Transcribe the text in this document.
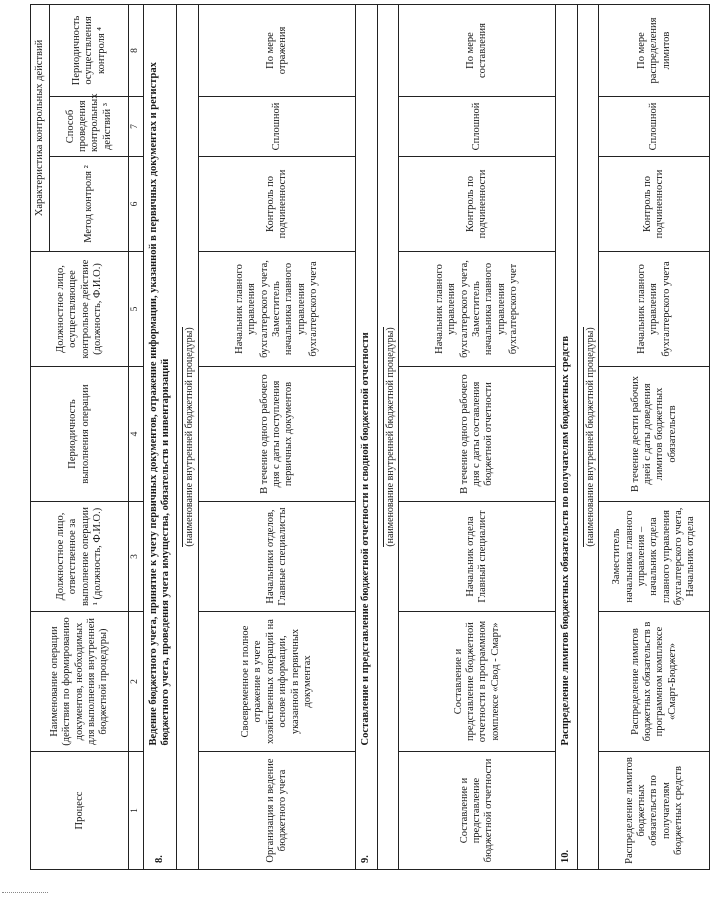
Процесс	Наименование операции (действия по формированию документов, необходимых для выполнения внутренней бюджетной процедуры)	Должностное лицо, ответственное за выполнение операции ¹ (должность, Ф.И.О.)	Периодичность выполнения операции	Должностное лицо, осуществляющее контрольное действие (должность, Ф.И.О.)	Характеристика контрольных действий		
					Метод контроля ²	Способ проведения контрольных действий ³	Периодичность осуществления контроля ⁴
1	2	3	4	5	6	7	8
8.	Ведение бюджетного учета, принятие к учету первичных документов, отражение информации, указанной в первичных документах и регистрах бюджетного учета, проведения учета имущества, обязательств и инвентаризаций						
(наименование внутренней бюджетной процедуры)							
Организация и ведение бюджетного учета	Своевременное и полное отражение в учете хозяйственных операций на основе информации, указанной в первичных документах	Начальники отделов, Главные специалисты	В течение одного рабочего дня с даты поступления первичных документов	Начальник главного управления бухгалтерского учета, Заместитель начальника главного управления бухгалтерского учета	Контроль по подчиненности	Сплошной	По мере отражения
9.	Составление и представление бюджетной отчетности и сводной бюджетной отчетности						
(наименование внутренней бюджетной процедуры)							
Составление и представление бюджетной отчетности	Составление и представление бюджетной отчетности в программном комплексе «Свод - Смарт»	Начальник отдела Главный специалист	В течение одного рабочего дня с даты составления бюджетной отчетности	Начальник главного управления бухгалтерского учета, Заместитель начальника главного управления бухгалтерского учет	Контроль по подчиненности	Сплошной	По мере составления
10.	Распределение лимитов бюджетных обязательств по получателям бюджетных средств						
(наименование внутренней бюджетной процедуры)							
Распределение лимитов бюджетных обязательств по получателям бюджетных средств	Распределение лимитов бюджетных обязательств в программном комплексе «Смарт-Бюджет»	Заместитель начальника главного управления – начальник отдела главного управления бухгалтерского учета, Начальник отдела	В течение десяти рабочих дней с даты доведения лимитов бюджетных обязательств	Начальник главного управления бухгалтерского учета	Контроль по подчиненности	Сплошной	По мере распределения лимитов
